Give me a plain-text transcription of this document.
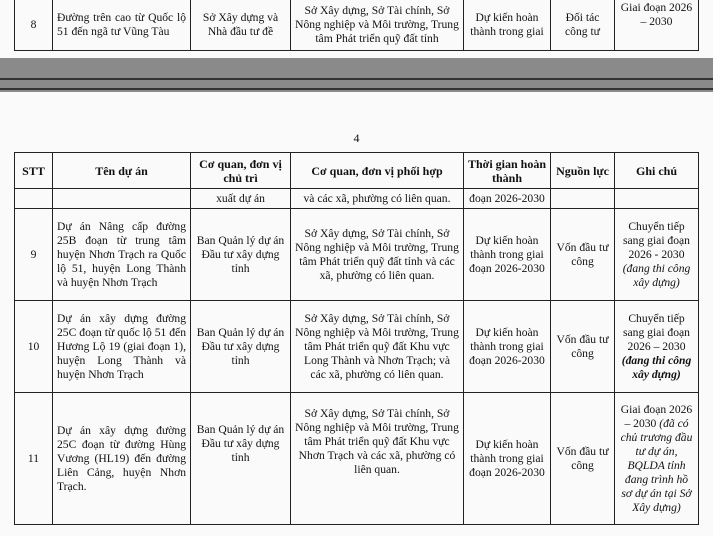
8	Đường trên cao từ Quốc lộ 51 đến ngã tư Vũng Tàu	Sở Xây dựng và Nhà đầu tư đề	Sở Xây dựng, Sở Tài chính, Sở Nông nghiệp và Môi trường, Trung tâm Phát triển quỹ đất tỉnh	Dự kiến hoàn thành trong giai	Đối tác công tư	Giai đoạn 2026 – 2030
4
STT	Tên dự án	Cơ quan, đơn vị chủ trì	Cơ quan, đơn vị phối hợp	Thời gian hoàn thành	Nguồn lực	Ghi chú
		xuất dự án	và các xã, phường có liên quan.	đoạn 2026-2030		
9	Dự án Nâng cấp đường 25B đoạn từ trung tâm huyện Nhơn Trạch ra Quốc lộ 51, huyện Long Thành và huyện Nhơn Trạch	Ban Quản lý dự án Đầu tư xây dựng tỉnh	Sở Xây dựng, Sở Tài chính, Sở Nông nghiệp và Môi trường, Trung tâm Phát triển quỹ đất tỉnh và các xã, phường có liên quan.	Dự kiến hoàn thành trong giai đoạn 2026-2030	Vốn đầu tư công	Chuyển tiếp sang giai đoạn 2026 - 2030 (đang thi công xây dựng)
10	Dự án xây dựng đường 25C đoạn từ quốc lộ 51 đến Hương Lộ 19 (giai đoạn 1), huyện Long Thành và huyện Nhơn Trạch	Ban Quản lý dự án Đầu tư xây dựng tỉnh	Sở Xây dựng, Sở Tài chính, Sở Nông nghiệp và Môi trường, Trung tâm Phát triển quỹ đất Khu vực Long Thành và Nhơn Trạch; và các xã, phường có liên quan.	Dự kiến hoàn thành trong giai đoạn 2026-2030	Vốn đầu tư công	Chuyển tiếp sang giai đoạn 2026 – 2030 (đang thi công xây dựng)
11	Dự án xây dựng đường 25C đoạn từ đường Hùng Vương (HL19) đến đường Liên Cảng, huyện Nhơn Trạch.	Ban Quản lý dự án Đầu tư xây dựng tỉnh	Sở Xây dựng, Sở Tài chính, Sở Nông nghiệp và Môi trường, Trung tâm Phát triển quỹ đất Khu vực Nhơn Trạch và các xã, phường có liên quan.	Dự kiến hoàn thành trong giai đoạn 2026-2030	Vốn đầu tư công	Giai đoạn 2026 – 2030 (đã có chủ trương đầu tư dự án, BQLDA tỉnh đang trình hồ sơ dự án tại Sở Xây dựng)
